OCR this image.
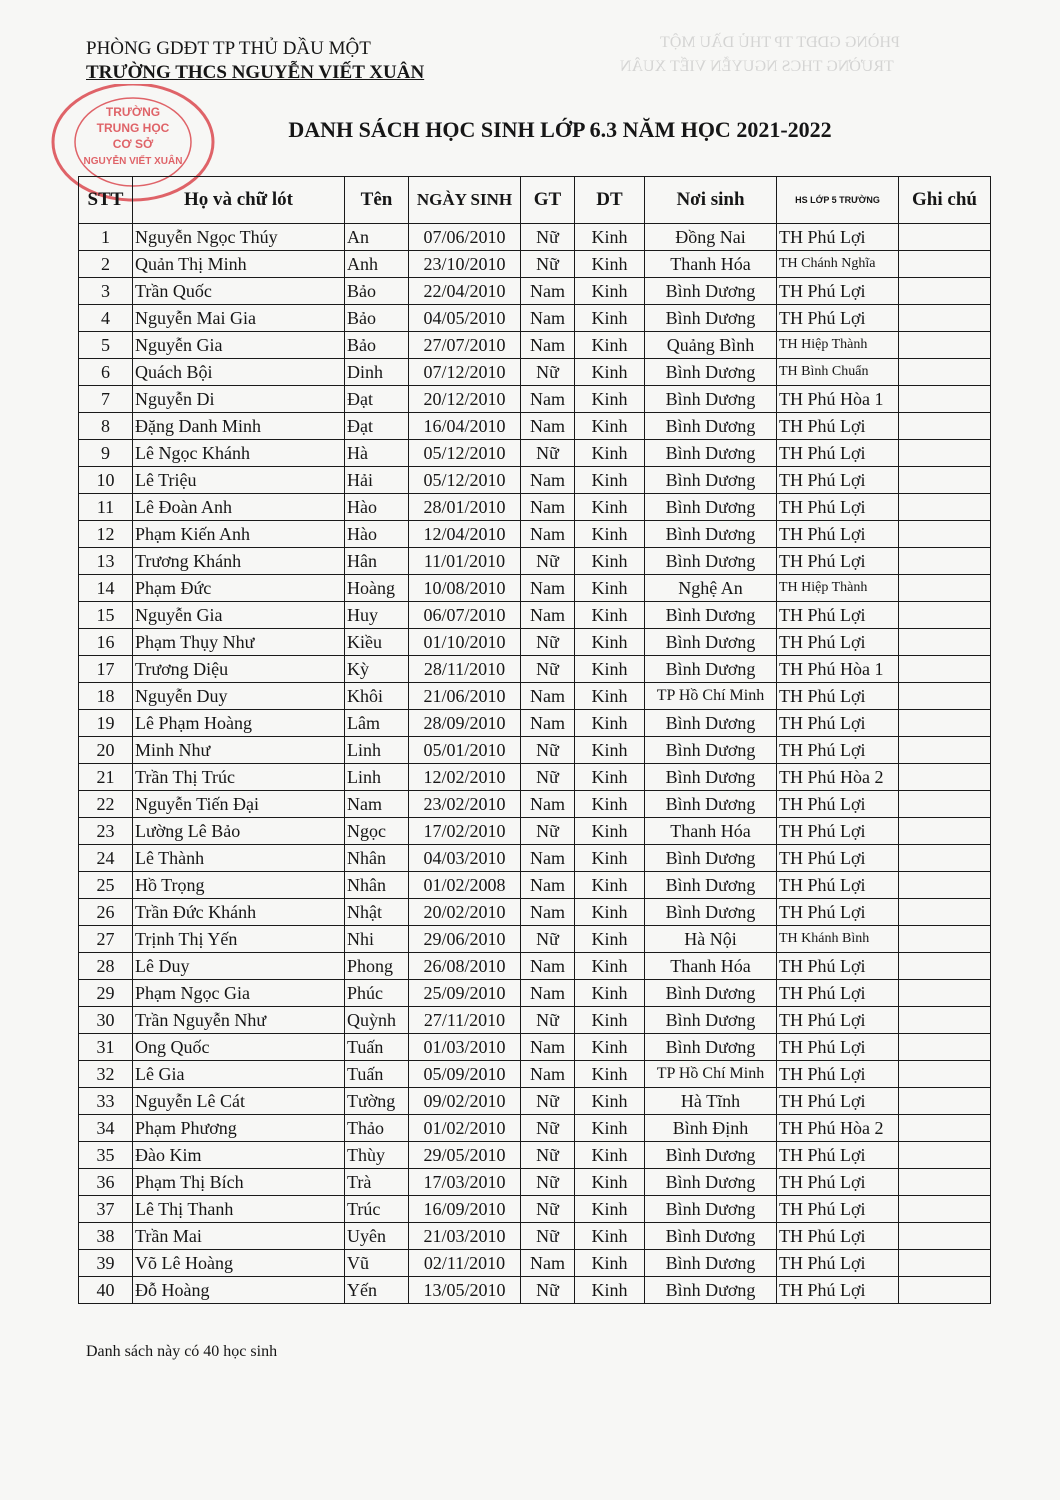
PHÒNG GDĐT TP THỦ DẦU MỘT
TRƯỜNG THCS NGUYỄN VIẾT XUÂN
PHÒNG GDĐT TP THỦ DẦU MỘT
TRƯỜNG THCS NGUYỄN VIẾT XUÂN
TRƯỜNG
TRUNG HỌC
CƠ SỞ
NGUYỄN VIẾT XUÂN
DANH SÁCH HỌC SINH LỚP 6.3 NĂM HỌC 2021-2022
STT	Họ và chữ lót	Tên	NGÀY SINH	GT	DT	Nơi sinh	HS LỚP 5 TRƯỜNG	Ghi chú
1	Nguyễn Ngọc Thúy	An	07/06/2010	Nữ	Kinh	Đồng Nai	TH Phú Lợi	
2	Quản Thị Minh	Anh	23/10/2010	Nữ	Kinh	Thanh Hóa	TH Chánh Nghĩa	
3	Trần Quốc	Bảo	22/04/2010	Nam	Kinh	Bình Dương	TH Phú Lợi	
4	Nguyễn Mai Gia	Bảo	04/05/2010	Nam	Kinh	Bình Dương	TH Phú Lợi	
5	Nguyễn Gia	Bảo	27/07/2010	Nam	Kinh	Quảng Bình	TH Hiệp Thành	
6	Quách Bội	Dinh	07/12/2010	Nữ	Kinh	Bình Dương	TH Bình Chuẩn	
7	Nguyễn Di	Đạt	20/12/2010	Nam	Kinh	Bình Dương	TH Phú Hòa 1	
8	Đặng Danh Minh	Đạt	16/04/2010	Nam	Kinh	Bình Dương	TH Phú Lợi	
9	Lê Ngọc Khánh	Hà	05/12/2010	Nữ	Kinh	Bình Dương	TH Phú Lợi	
10	Lê Triệu	Hải	05/12/2010	Nam	Kinh	Bình Dương	TH Phú Lợi	
11	Lê Đoàn Anh	Hào	28/01/2010	Nam	Kinh	Bình Dương	TH Phú Lợi	
12	Phạm Kiến Anh	Hào	12/04/2010	Nam	Kinh	Bình Dương	TH Phú Lợi	
13	Trương Khánh	Hân	11/01/2010	Nữ	Kinh	Bình Dương	TH Phú Lợi	
14	Phạm Đức	Hoàng	10/08/2010	Nam	Kinh	Nghệ An	TH Hiệp Thành	
15	Nguyễn Gia	Huy	06/07/2010	Nam	Kinh	Bình Dương	TH Phú Lợi	
16	Phạm Thụy Như	Kiều	01/10/2010	Nữ	Kinh	Bình Dương	TH Phú Lợi	
17	Trương Diệu	Kỳ	28/11/2010	Nữ	Kinh	Bình Dương	TH Phú Hòa 1	
18	Nguyễn Duy	Khôi	21/06/2010	Nam	Kinh	TP Hồ Chí Minh	TH Phú Lợi	
19	Lê Phạm Hoàng	Lâm	28/09/2010	Nam	Kinh	Bình Dương	TH Phú Lợi	
20	Minh Như	Linh	05/01/2010	Nữ	Kinh	Bình Dương	TH Phú Lợi	
21	Trần Thị Trúc	Linh	12/02/2010	Nữ	Kinh	Bình Dương	TH Phú Hòa 2	
22	Nguyễn Tiến Đại	Nam	23/02/2010	Nam	Kinh	Bình Dương	TH Phú Lợi	
23	Lường Lê Bảo	Ngọc	17/02/2010	Nữ	Kinh	Thanh Hóa	TH Phú Lợi	
24	Lê Thành	Nhân	04/03/2010	Nam	Kinh	Bình Dương	TH Phú Lợi	
25	Hồ Trọng	Nhân	01/02/2008	Nam	Kinh	Bình Dương	TH Phú Lợi	
26	Trần Đức Khánh	Nhật	20/02/2010	Nam	Kinh	Bình Dương	TH Phú Lợi	
27	Trịnh Thị Yến	Nhi	29/06/2010	Nữ	Kinh	Hà Nội	TH Khánh Bình	
28	Lê Duy	Phong	26/08/2010	Nam	Kinh	Thanh Hóa	TH Phú Lợi	
29	Phạm Ngọc Gia	Phúc	25/09/2010	Nam	Kinh	Bình Dương	TH Phú Lợi	
30	Trần Nguyễn Như	Quỳnh	27/11/2010	Nữ	Kinh	Bình Dương	TH Phú Lợi	
31	Ong Quốc	Tuấn	01/03/2010	Nam	Kinh	Bình Dương	TH Phú Lợi	
32	Lê Gia	Tuấn	05/09/2010	Nam	Kinh	TP Hồ Chí Minh	TH Phú Lợi	
33	Nguyễn Lê Cát	Tường	09/02/2010	Nữ	Kinh	Hà Tĩnh	TH Phú Lợi	
34	Phạm Phương	Thảo	01/02/2010	Nữ	Kinh	Bình Định	TH Phú Hòa 2	
35	Đào Kim	Thùy	29/05/2010	Nữ	Kinh	Bình Dương	TH Phú Lợi	
36	Phạm Thị Bích	Trà	17/03/2010	Nữ	Kinh	Bình Dương	TH Phú Lợi	
37	Lê Thị Thanh	Trúc	16/09/2010	Nữ	Kinh	Bình Dương	TH Phú Lợi	
38	Trần Mai	Uyên	21/03/2010	Nữ	Kinh	Bình Dương	TH Phú Lợi	
39	Võ Lê Hoàng	Vũ	02/11/2010	Nam	Kinh	Bình Dương	TH Phú Lợi	
40	Đỗ Hoàng	Yến	13/05/2010	Nữ	Kinh	Bình Dương	TH Phú Lợi	
Danh sách này có 40 học sinh
